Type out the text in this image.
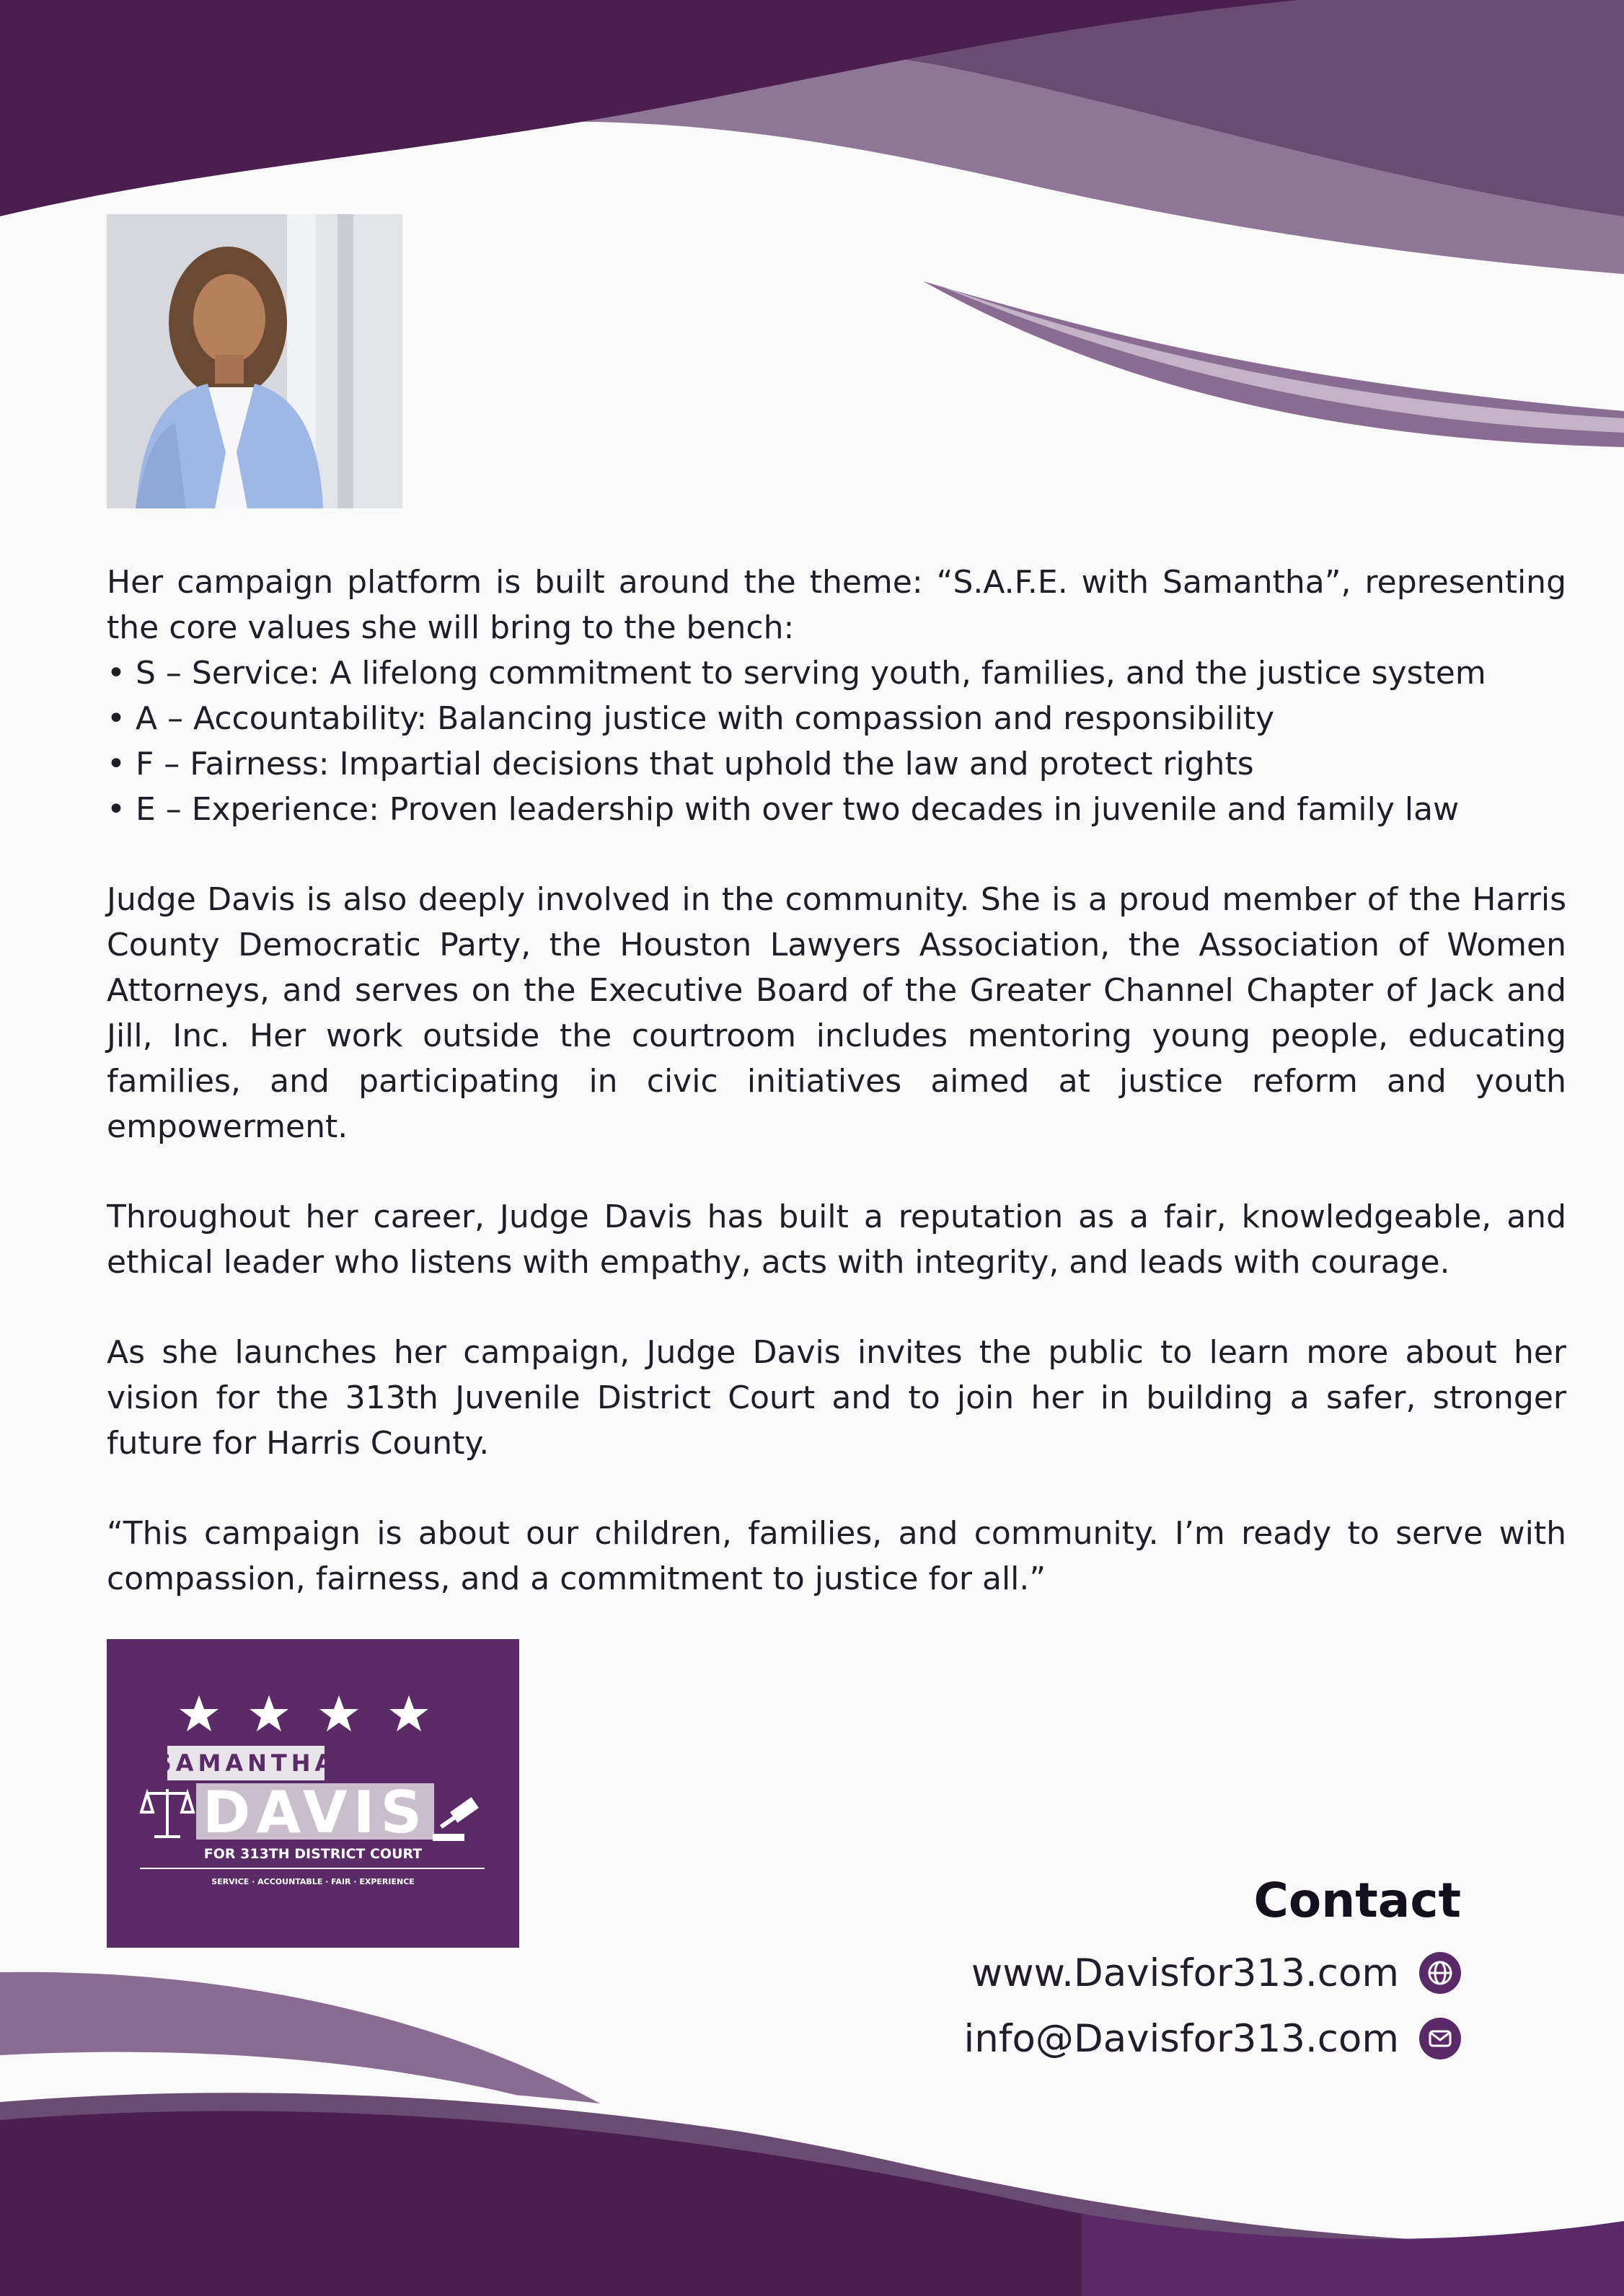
Her campaign platform is built around the theme: “S.A.F.E. with Samantha”, representing the core values she will bring to the bench:

• S – Service: A lifelong commitment to serving youth, families, and the justice system
• A – Accountability: Balancing justice with compassion and responsibility
• F – Fairness: Impartial decisions that uphold the law and protect rights
• E – Experience: Proven leadership with over two decades in juvenile and family law

Judge Davis is also deeply involved in the community. She is a proud member of the Harris County Democratic Party, the Houston Lawyers Association, the Association of Women Attorneys, and serves on the Executive Board of the Greater Channel Chapter of Jack and Jill, Inc. Her work outside the courtroom includes mentoring young people, educating families, and participating in civic initiatives aimed at justice reform and youth empowerment.

Throughout her career, Judge Davis has built a reputation as a fair, knowledgeable, and ethical leader who listens with empathy, acts with integrity, and leads with courage.

As she launches her campaign, Judge Davis invites the public to learn more about her vision for the 313th Juvenile District Court and to join her in building a safer, stronger future for Harris County.

“This campaign is about our children, families, and community. I’m ready to serve with compassion, fairness, and a commitment to justice for all.”

SAMANTHA
DAVIS
FOR 313TH DISTRICT COURT
SERVICE · ACCOUNTABLE · FAIR · EXPERIENCE	Contact
www.Davisfor313.com
info@Davisfor313.com
